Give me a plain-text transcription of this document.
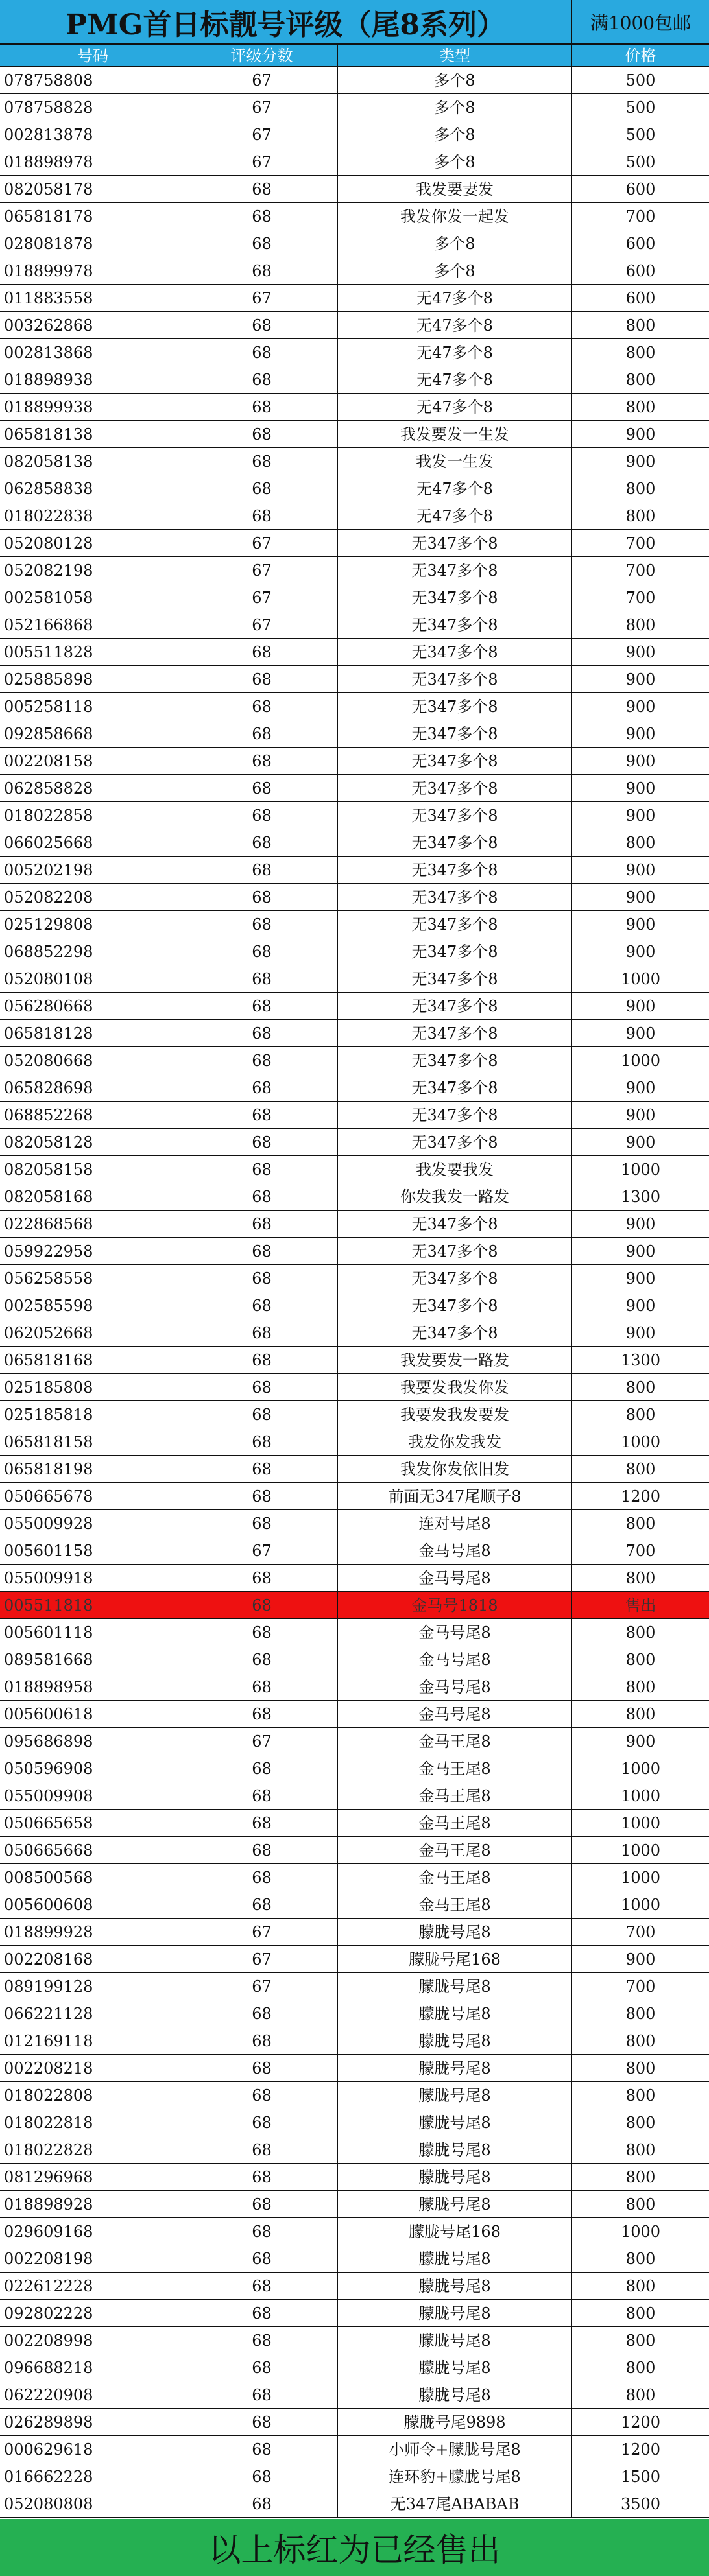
PMG首日标靓号评级（尾8系列）	满1000包邮
号码	评级分数	类型	价格
078758808	67	多个8	500
078758828	67	多个8	500
002813878	67	多个8	500
018898978	67	多个8	500
082058178	68	我发要妻发	600
065818178	68	我发你发一起发	700
028081878	68	多个8	600
018899978	68	多个8	600
011883558	67	无47多个8	600
003262868	68	无47多个8	800
002813868	68	无47多个8	800
018898938	68	无47多个8	800
018899938	68	无47多个8	800
065818138	68	我发要发一生发	900
082058138	68	我发一生发	900
062858838	68	无47多个8	800
018022838	68	无47多个8	800
052080128	67	无347多个8	700
052082198	67	无347多个8	700
002581058	67	无347多个8	700
052166868	67	无347多个8	800
005511828	68	无347多个8	900
025885898	68	无347多个8	900
005258118	68	无347多个8	900
092858668	68	无347多个8	900
002208158	68	无347多个8	900
062858828	68	无347多个8	900
018022858	68	无347多个8	900
066025668	68	无347多个8	800
005202198	68	无347多个8	900
052082208	68	无347多个8	900
025129808	68	无347多个8	900
068852298	68	无347多个8	900
052080108	68	无347多个8	1000
056280668	68	无347多个8	900
065818128	68	无347多个8	900
052080668	68	无347多个8	1000
065828698	68	无347多个8	900
068852268	68	无347多个8	900
082058128	68	无347多个8	900
082058158	68	我发要我发	1000
082058168	68	你发我发一路发	1300
022868568	68	无347多个8	900
059922958	68	无347多个8	900
056258558	68	无347多个8	900
002585598	68	无347多个8	900
062052668	68	无347多个8	900
065818168	68	我发要发一路发	1300
025185808	68	我要发我发你发	800
025185818	68	我要发我发要发	800
065818158	68	我发你发我发	1000
065818198	68	我发你发依旧发	800
050665678	68	前面无347尾顺子8	1200
055009928	68	连对号尾8	800
005601158	67	金马号尾8	700
055009918	68	金马号尾8	800
005511818	68	金马号1818	售出
005601118	68	金马号尾8	800
089581668	68	金马号尾8	800
018898958	68	金马号尾8	800
005600618	68	金马号尾8	800
095686898	67	金马王尾8	900
050596908	68	金马王尾8	1000
055009908	68	金马王尾8	1000
050665658	68	金马王尾8	1000
050665668	68	金马王尾8	1000
008500568	68	金马王尾8	1000
005600608	68	金马王尾8	1000
018899928	67	朦胧号尾8	700
002208168	67	朦胧号尾168	900
089199128	67	朦胧号尾8	700
066221128	68	朦胧号尾8	800
012169118	68	朦胧号尾8	800
002208218	68	朦胧号尾8	800
018022808	68	朦胧号尾8	800
018022818	68	朦胧号尾8	800
018022828	68	朦胧号尾8	800
081296968	68	朦胧号尾8	800
018898928	68	朦胧号尾8	800
029609168	68	朦胧号尾168	1000
002208198	68	朦胧号尾8	800
022612228	68	朦胧号尾8	800
092802228	68	朦胧号尾8	800
002208998	68	朦胧号尾8	800
096688218	68	朦胧号尾8	800
062220908	68	朦胧号尾8	800
026289898	68	朦胧号尾9898	1200
000629618	68	小师令+朦胧号尾8	1200
016662228	68	连环豹+朦胧号尾8	1500
052080808	68	无347尾ABABAB	3500
以上标红为已经售出
